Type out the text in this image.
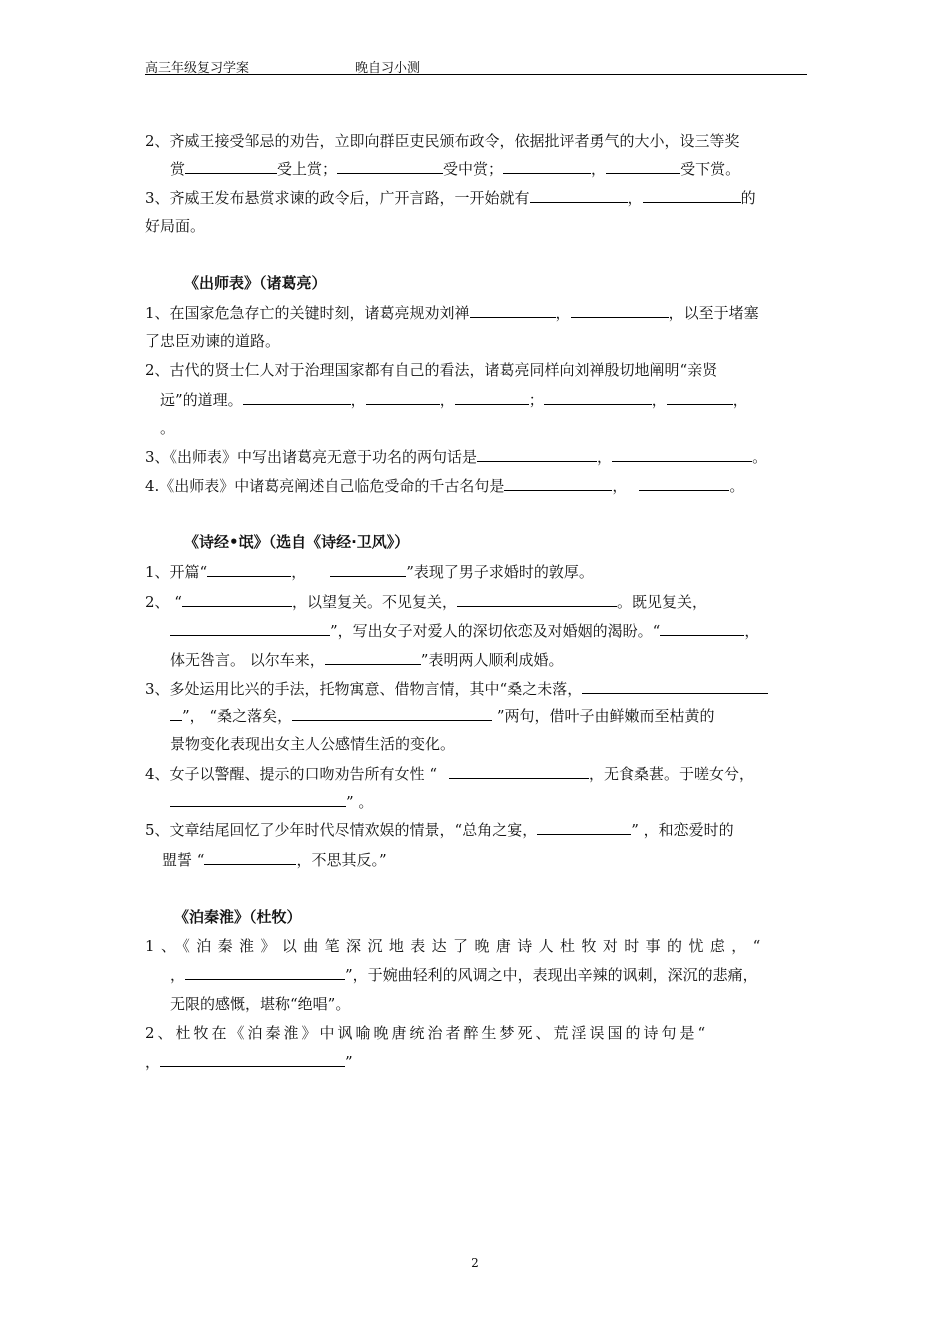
高三年级复习学案	晚自习小测
2、齐威王接受邹忌的劝告，立即向群臣吏民颁布政令，依据批评者勇气的大小，设三等奖
赏	受上赏；	受中赏；	，	受下赏。
3、齐威王发布悬赏求谏的政令后，广开言路，一开始就有	，	的
好局面。
《出师表》（诸葛亮）
1、在国家危急存亡的关键时刻，诸葛亮规劝刘禅	，	，以至于堵塞
了忠臣劝谏的道路。
2、古代的贤士仁人对于治理国家都有自己的看法，诸葛亮同样向刘禅殷切地阐明“亲贤
远”的道理。	，	，	；	，	，
。
3、《出师表》中写出诸葛亮无意于功名的两句话是	，	。
4.《出师表》中诸葛亮阐述自己临危受命的千古名句是	，	。
《诗经•氓》（选自《诗经·卫风》）
1、开篇“	，	”表现了男子求婚时的敦厚。
2、 “	，以望复关。不见复关，	。既见复关，
”，写出女子对爱人的深切依恋及对婚姻的渴盼。“	，
体无咎言。 以尔车来，	”表明两人顺利成婚。
3、多处运用比兴的手法，托物寓意、借物言情，其中“桑之未落，
”， “桑之落矣，	”两句，借叶子由鲜嫩而至枯黄的
景物变化表现出女主人公感情生活的变化。
4、女子以警醒、提示的口吻劝告所有女性 “	，无食桑葚。于嗟女兮，
” 。
5、文章结尾回忆了少年时代尽情欢娱的情景，“总角之宴，	” ，和恋爱时的
盟誓 “	，不思其反。”
《泊秦淮》（杜牧）
1、《泊秦淮》以曲笔深沉地表达了晚唐诗人杜牧对时事的忧虑，“
，	”，于婉曲轻利的风调之中，表现出辛辣的讽刺，深沉的悲痛，
无限的感慨，堪称“绝唱”。
2、杜牧在《泊秦淮》中讽喻晚唐统治者醉生梦死、荒淫误国的诗句是“
，	”
2
